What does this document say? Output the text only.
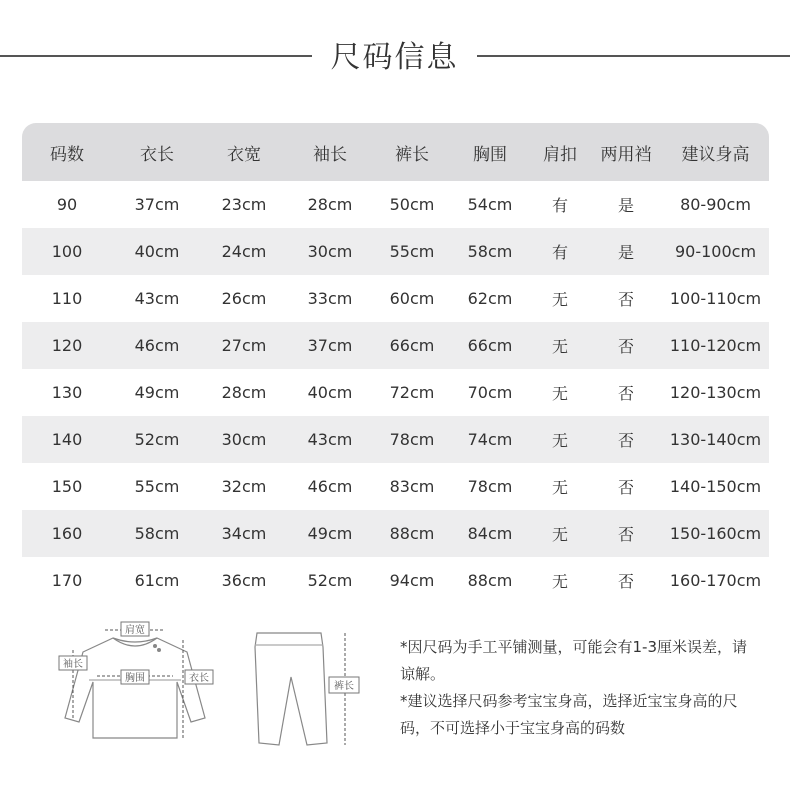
尺码信息
码数	衣长	衣宽	袖长	裤长	胸围	肩扣	两用裆	建议身高
90	37cm	23cm	28cm	50cm	54cm	有	是	80-90cm
100	40cm	24cm	30cm	55cm	58cm	有	是	90-100cm
110	43cm	26cm	33cm	60cm	62cm	无	否	100-110cm
120	46cm	27cm	37cm	66cm	66cm	无	否	110-120cm
130	49cm	28cm	40cm	72cm	70cm	无	否	120-130cm
140	52cm	30cm	43cm	78cm	74cm	无	否	130-140cm
150	55cm	32cm	46cm	83cm	78cm	无	否	140-150cm
160	58cm	34cm	49cm	88cm	84cm	无	否	150-160cm
170	61cm	36cm	52cm	94cm	88cm	无	否	160-170cm
肩宽
胸围	衣长
袖长
裤长

*因尺码为手工平铺测量，可能会有1-3厘米误差，请谅解。

*建议选择尺码参考宝宝身高，选择近宝宝身高的尺码，不可选择小于宝宝身高的码数
